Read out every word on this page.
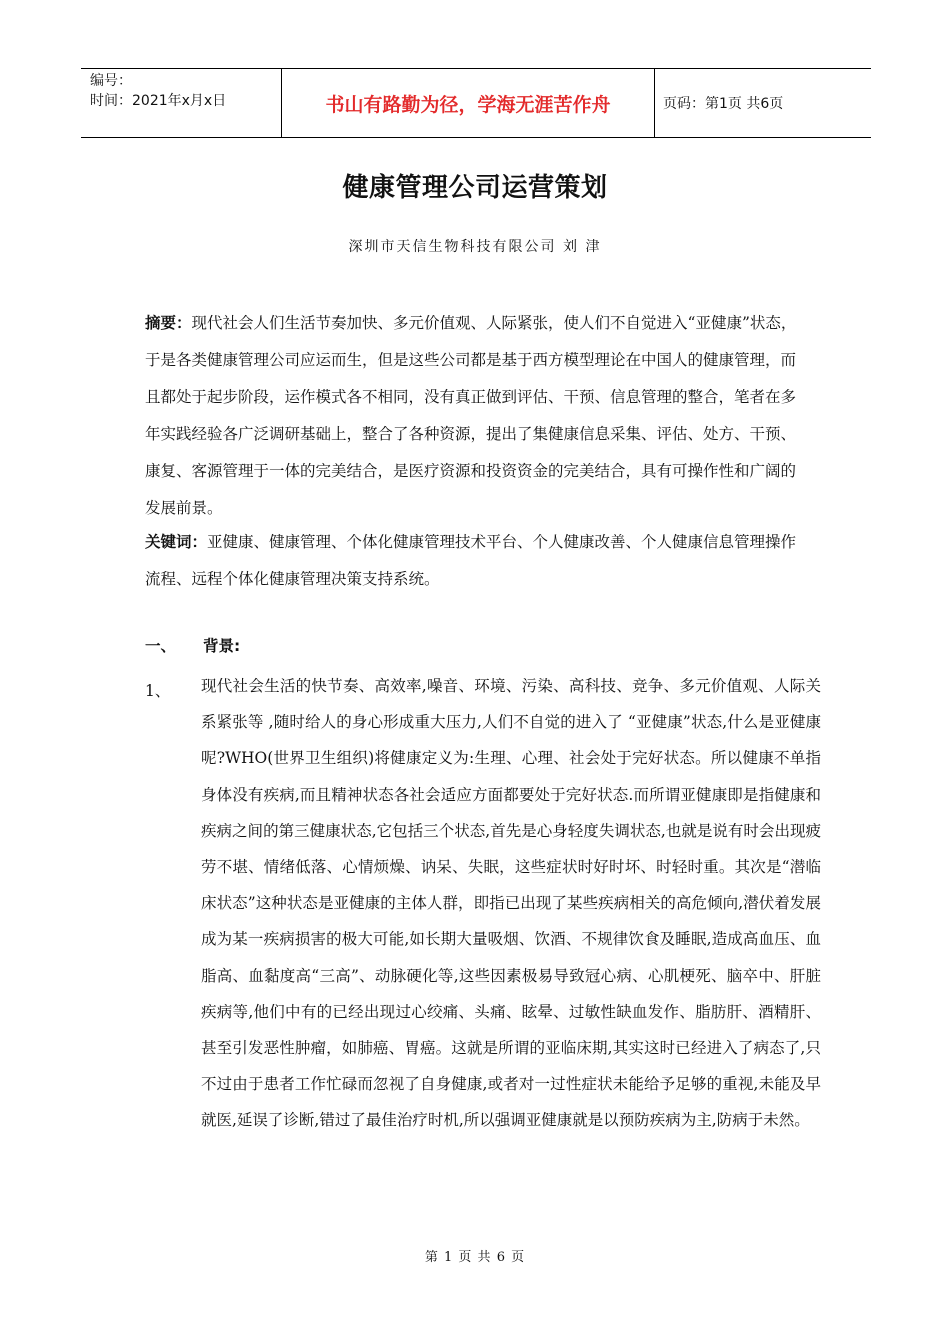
编号：
时间：2021年x月x日	书山有路勤为径，学海无涯苦作舟	页码：第1页 共6页
健康管理公司运营策划
深圳市天信生物科技有限公司 刘 津

摘要：现代社会人们生活节奏加快、多元价值观、人际紧张，使人们不自觉进入“亚健康”状态，于是各类健康管理公司应运而生，但是这些公司都是基于西方模型理论在中国人的健康管理，而且都处于起步阶段，运作模式各不相同，没有真正做到评估、干预、信息管理的整合，笔者在多年实践经验各广泛调研基础上，整合了各种资源，提出了集健康信息采集、评估、处方、干预、康复、客源管理于一体的完美结合，是医疗资源和投资资金的完美结合，具有可操作性和广阔的发展前景。

关键词：亚健康、健康管理、个体化健康管理技术平台、个人健康改善、个人健康信息管理操作流程、远程个体化健康管理决策支持系统。

一、	背景:
1、 现代社会生活的快节奏、高效率,噪音、环境、污染、高科技、竞争、多元价值观、人际关系紧张等 ,随时给人的身心形成重大压力,人们不自觉的进入了 “亚健康”状态,什么是亚健康呢?WHO(世界卫生组织)将健康定义为:生理、心理、社会处于完好状态。所以健康不单指身体没有疾病,而且精神状态各社会适应方面都要处于完好状态.而所谓亚健康即是指健康和疾病之间的第三健康状态,它包括三个状态,首先是心身轻度失调状态,也就是说有时会出现疲劳不堪、情绪低落、心情烦燥、讷呆、失眠，这些症状时好时坏、时轻时重。其次是“潜临床状态”这种状态是亚健康的主体人群，即指已出现了某些疾病相关的高危倾向,潜伏着发展成为某一疾病损害的极大可能,如长期大量吸烟、饮酒、不规律饮食及睡眠,造成高血压、血脂高、血黏度高“三高”、动脉硬化等,这些因素极易导致冠心病、心肌梗死、脑卒中、肝脏疾病等,他们中有的已经出现过心绞痛、头痛、眩晕、过敏性缺血发作、脂肪肝、酒精肝、甚至引发恶性肿瘤，如肺癌、胃癌。这就是所谓的亚临床期,其实这时已经进入了病态了,只不过由于患者工作忙碌而忽视了自身健康,或者对一过性症状未能给予足够的重视,未能及早就医,延误了诊断,错过了最佳治疗时机,所以强调亚健康就是以预防疾病为主,防病于未然。

第 1 页 共 6 页
